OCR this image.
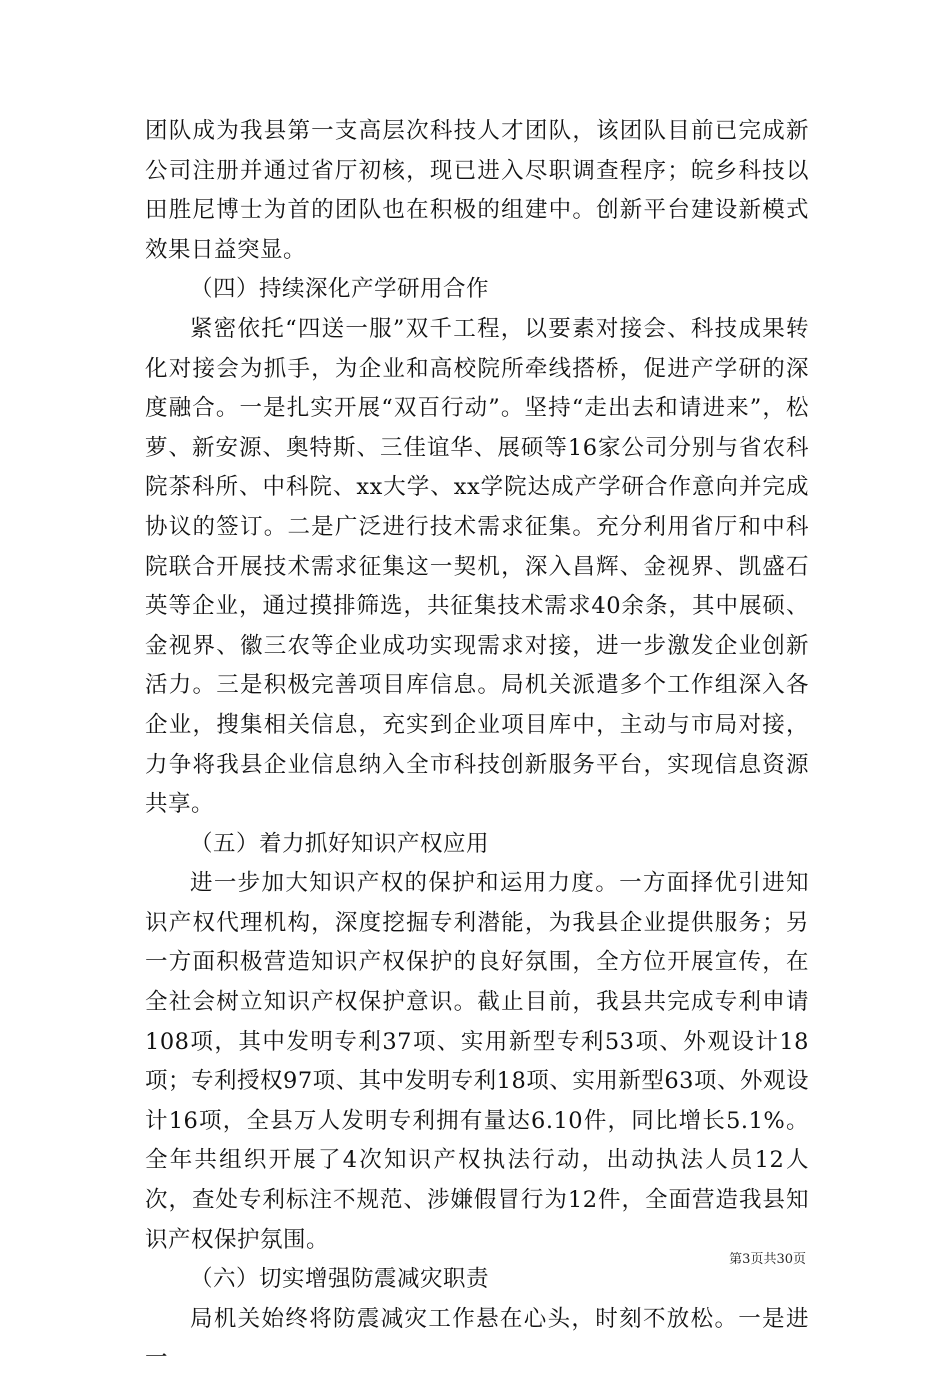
团队成为我县第一支高层次科技人才团队，该团队目前已完成新公司注册并通过省厅初核，现已进入尽职调查程序；皖乡科技以田胜尼博士为首的团队也在积极的组建中。创新平台建设新模式效果日益突显。

（四）持续深化产学研用合作

紧密依托“四送一服”双千工程，以要素对接会、科技成果转化对接会为抓手，为企业和高校院所牵线搭桥，促进产学研的深度融合。一是扎实开展“双百行动”。坚持“走出去和请进来”，松萝、新安源、奥特斯、三佳谊华、展硕等16家公司分别与省农科院茶科所、中科院、xx大学、xx学院达成产学研合作意向并完成协议的签订。二是广泛进行技术需求征集。充分利用省厅和中科院联合开展技术需求征集这一契机，深入昌辉、金视界、凯盛石英等企业，通过摸排筛选，共征集技术需求40余条，其中展硕、金视界、徽三农等企业成功实现需求对接，进一步激发企业创新活力。三是积极完善项目库信息。局机关派遣多个工作组深入各企业，搜集相关信息，充实到企业项目库中，主动与市局对接，力争将我县企业信息纳入全市科技创新服务平台，实现信息资源共享。

（五）着力抓好知识产权应用

进一步加大知识产权的保护和运用力度。一方面择优引进知识产权代理机构，深度挖掘专利潜能，为我县企业提供服务；另一方面积极营造知识产权保护的良好氛围，全方位开展宣传，在全社会树立知识产权保护意识。截止目前，我县共完成专利申请108项，其中发明专利37项、实用新型专利53项、外观设计18项；专利授权97项、其中发明专利18项、实用新型63项、外观设计16项，全县万人发明专利拥有量达6.10件，同比增长5.1%。全年共组织开展了4次知识产权执法行动，出动执法人员12人次，查处专利标注不规范、涉嫌假冒行为12件，全面营造我县知识产权保护氛围。

（六）切实增强防震减灾职责

局机关始终将防震减灾工作悬在心头，时刻不放松。一是进一

第3页共30页
